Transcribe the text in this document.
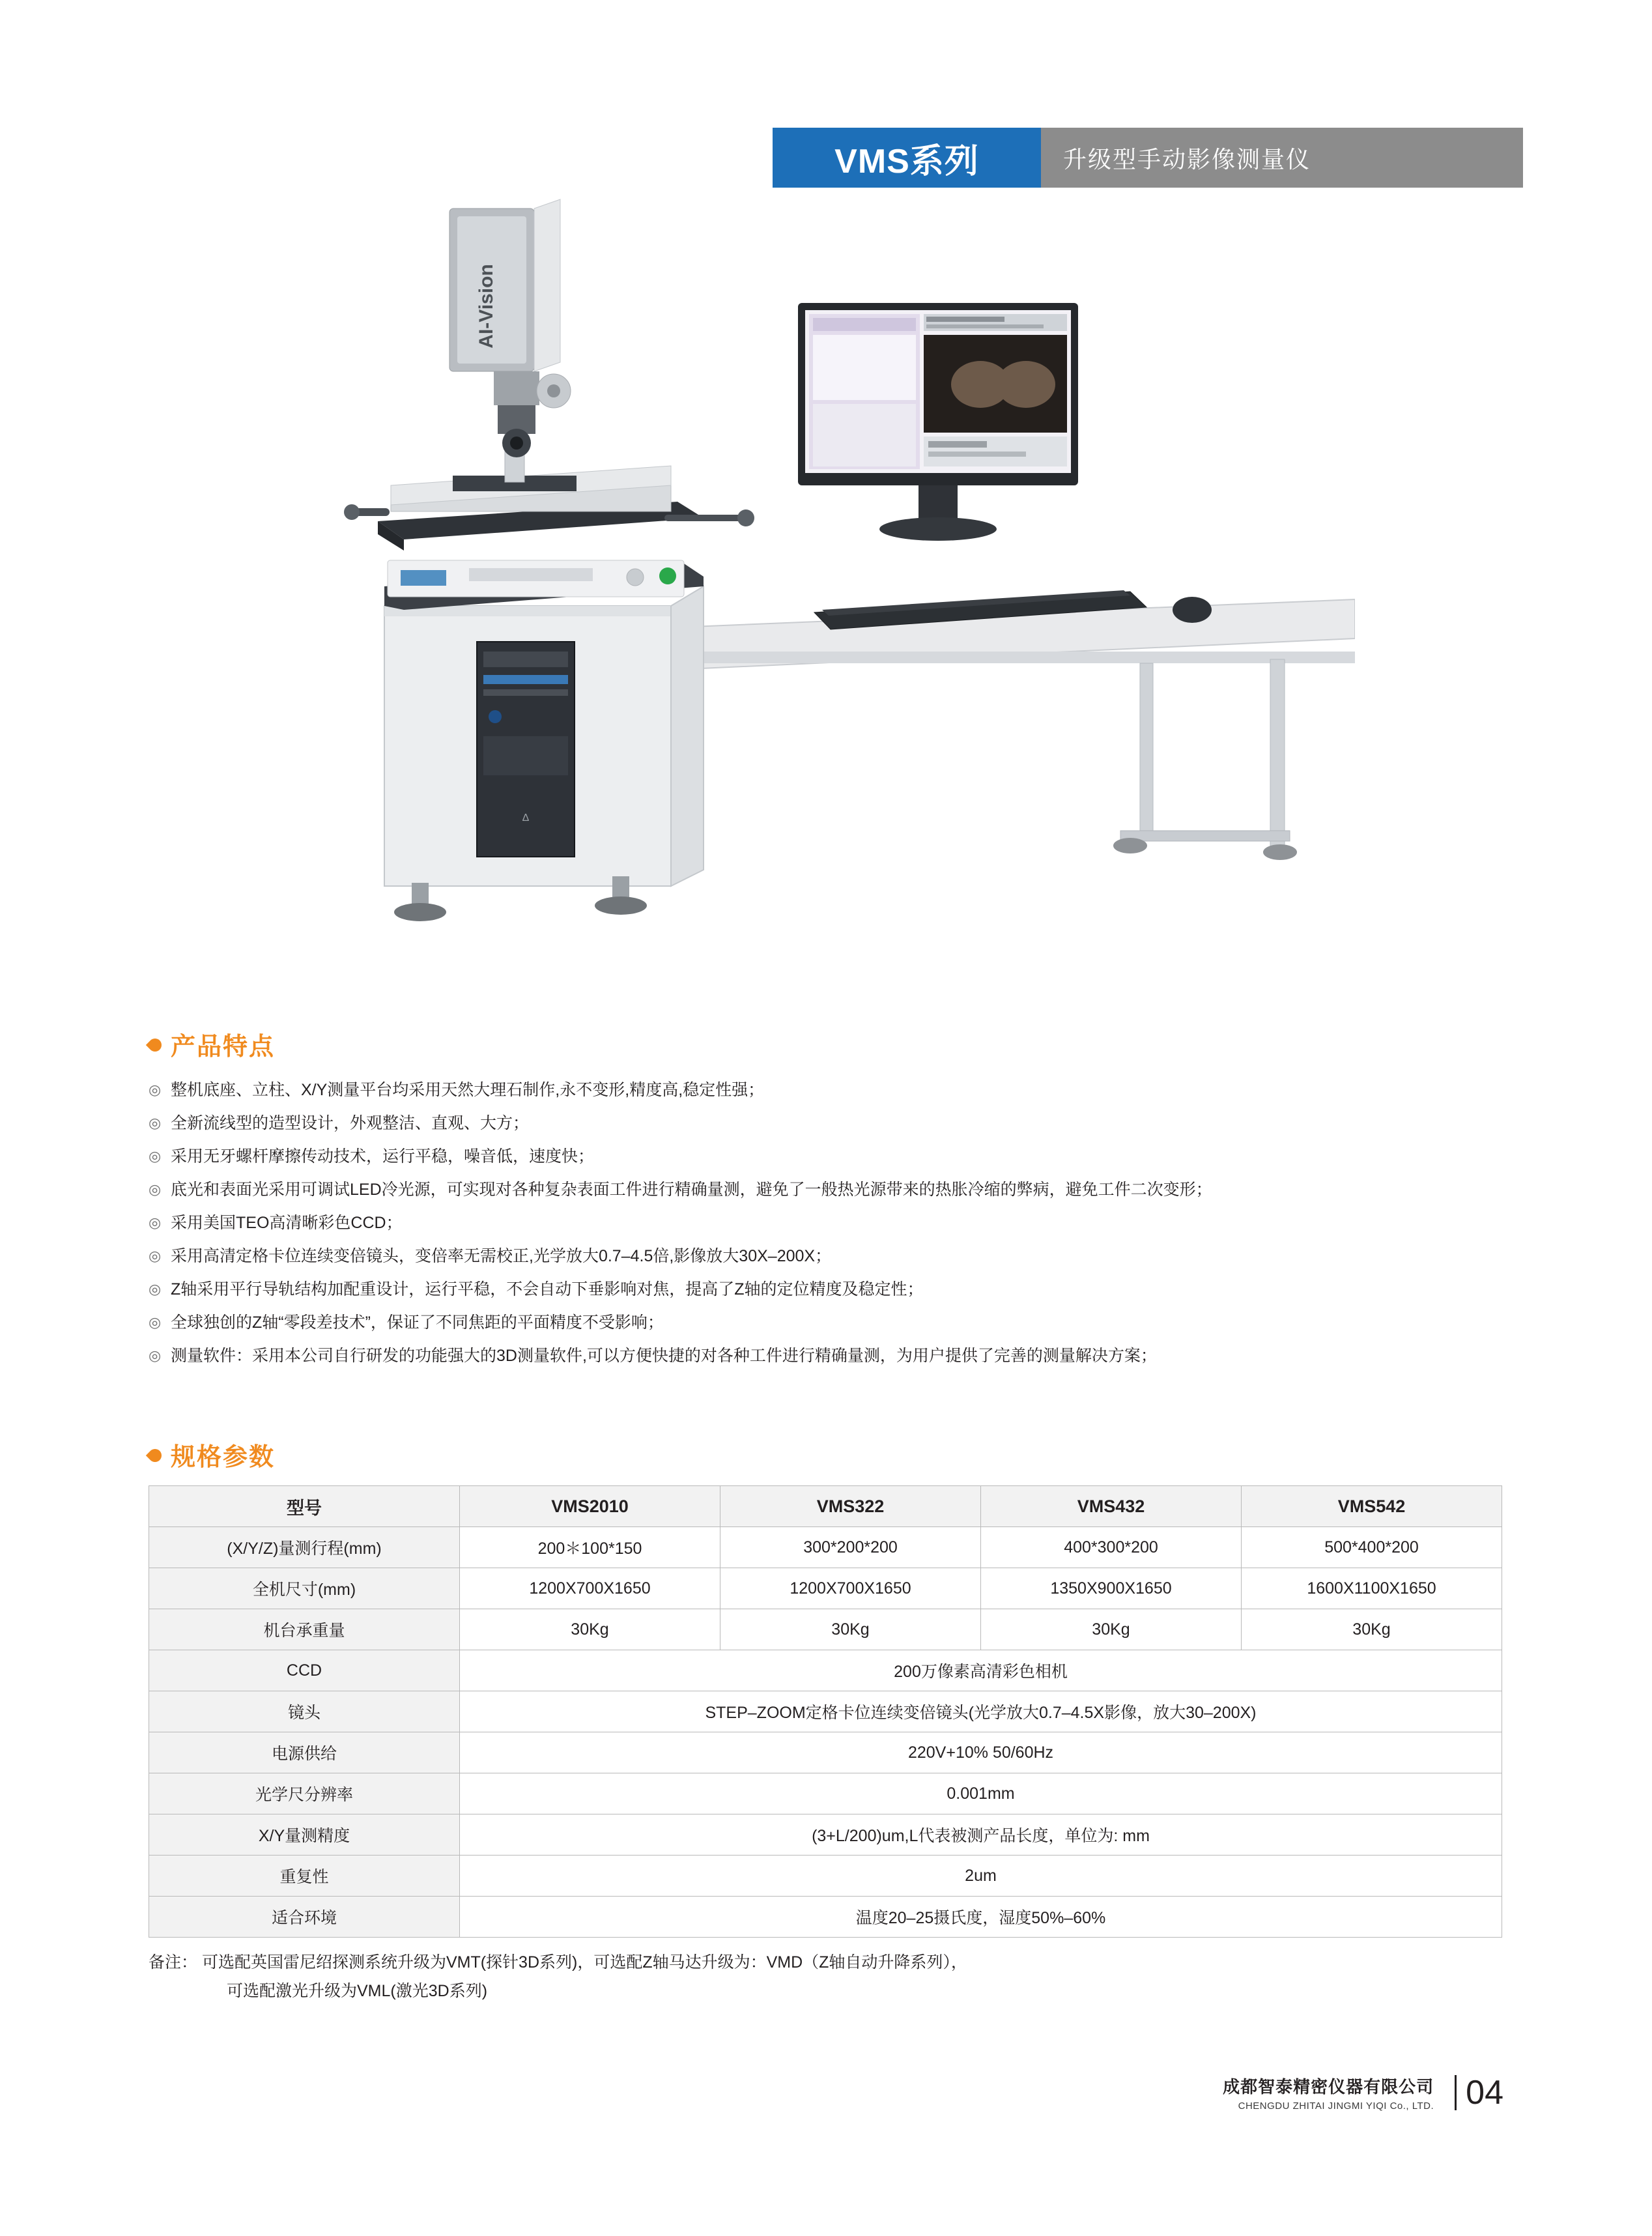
VMS系列	升级型手动影像测量仪
Δ
AI-Vision
产品特点
◎ 整机底座、立柱、X/Y测量平台均采用天然大理石制作,永不变形,精度高,稳定性强；
◎ 全新流线型的造型设计，外观整洁、直观、大方；
◎ 采用无牙螺杆摩擦传动技术，运行平稳，噪音低，速度快；
◎ 底光和表面光采用可调试LED冷光源，可实现对各种复杂表面工件进行精确量测，避免了一般热光源带来的热胀冷缩的弊病，避免工件二次变形；
◎ 采用美国TEO高清晰彩色CCD；
◎ 采用高清定格卡位连续变倍镜头，变倍率无需校正,光学放大0.7–4.5倍,影像放大30X–200X；
◎ Z轴采用平行导轨结构加配重设计，运行平稳，不会自动下垂影响对焦，提高了Z轴的定位精度及稳定性；
◎ 全球独创的Z轴“零段差技术”，保证了不同焦距的平面精度不受影响；
◎ 测量软件：采用本公司自行研发的功能强大的3D测量软件,可以方便快捷的对各种工件进行精确量测，为用户提供了完善的测量解决方案；
规格参数
型号	VMS2010	VMS322	VMS432	VMS542
(X/Y/Z)量测行程(mm)	200＊100*150	300*200*200	400*300*200	500*400*200
全机尺寸(mm)	1200X700X1650	1200X700X1650	1350X900X1650	1600X1100X1650
机台承重量	30Kg	30Kg	30Kg	30Kg
CCD	200万像素高清彩色相机			
镜头	STEP–ZOOM定格卡位连续变倍镜头(光学放大0.7–4.5X影像，放大30–200X)			
电源供给	220V+10% 50/60Hz			
光学尺分辨率	0.001mm			
X/Y量测精度	(3+L/200)um,L代表被测产品长度，单位为: mm			
重复性	2um			
适合环境	温度20–25摄氏度，湿度50%–60%			
备注： 可选配英国雷尼绍探测系统升级为VMT(探针3D系列)，可选配Z轴马达升级为：VMD（Z轴自动升降系列），
可选配激光升级为VML(激光3D系列)
成都智泰精密仪器有限公司
CHENGDU ZHITAI JINGMI YIQI Co., LTD. 04
